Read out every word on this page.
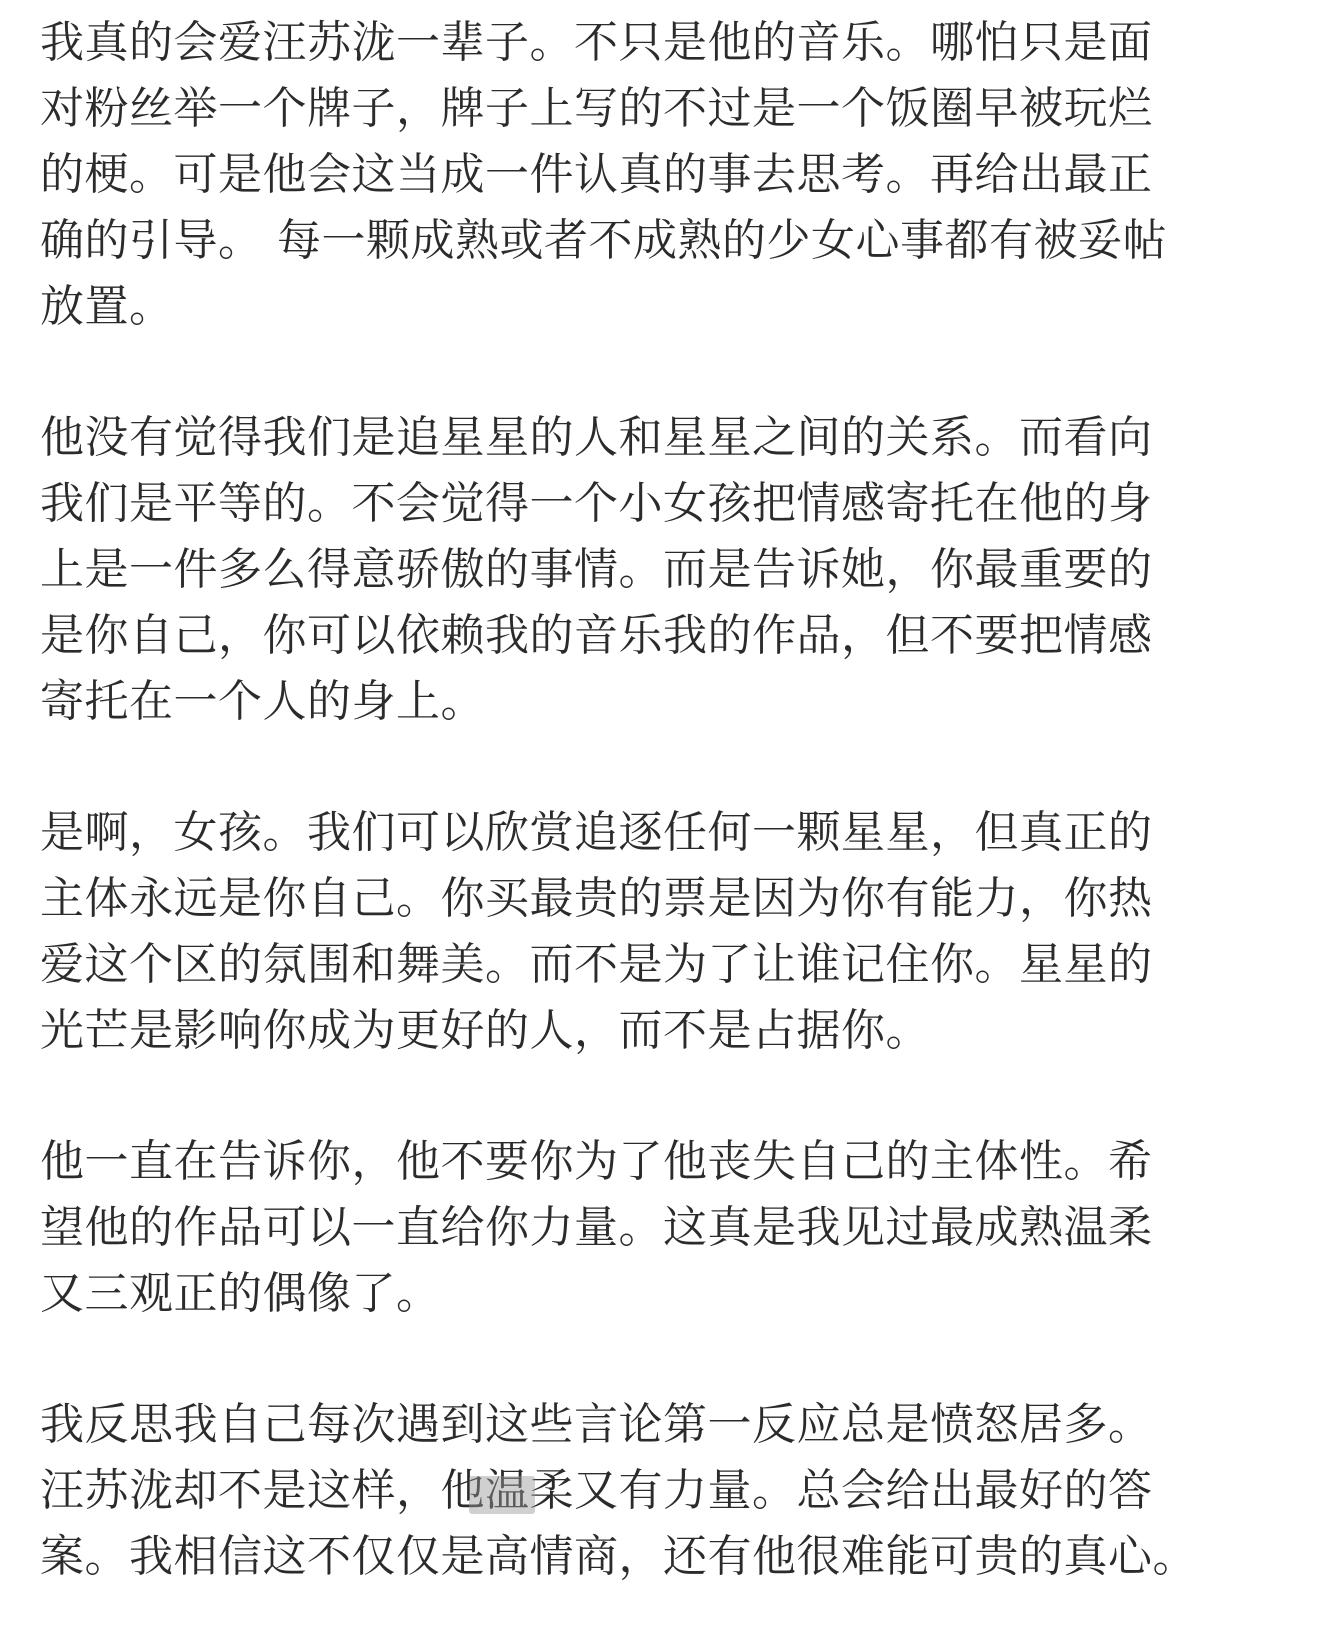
我真的会爱汪苏泷一辈子。不只是他的音乐。哪怕只是面
对粉丝举一个牌子，牌子上写的不过是一个饭圈早被玩烂
的梗。可是他会这当成一件认真的事去思考。再给出最正
确的引导。 每一颗成熟或者不成熟的少女心事都有被妥帖
放置。

他没有觉得我们是追星星的人和星星之间的关系。而看向
我们是平等的。不会觉得一个小女孩把情感寄托在他的身
上是一件多么得意骄傲的事情。而是告诉她，你最重要的
是你自己，你可以依赖我的音乐我的作品，但不要把情感
寄托在一个人的身上。

是啊，女孩。我们可以欣赏追逐任何一颗星星，但真正的
主体永远是你自己。你买最贵的票是因为你有能力，你热
爱这个区的氛围和舞美。而不是为了让谁记住你。星星的
光芒是影响你成为更好的人，而不是占据你。

他一直在告诉你，他不要你为了他丧失自己的主体性。希
望他的作品可以一直给你力量。这真是我见过最成熟温柔
又三观正的偶像了。

我反思我自己每次遇到这些言论第一反应总是愤怒居多。
汪苏泷却不是这样，他温柔又有力量。总会给出最好的答
案。我相信这不仅仅是高情商，还有他很难能可贵的真心。
